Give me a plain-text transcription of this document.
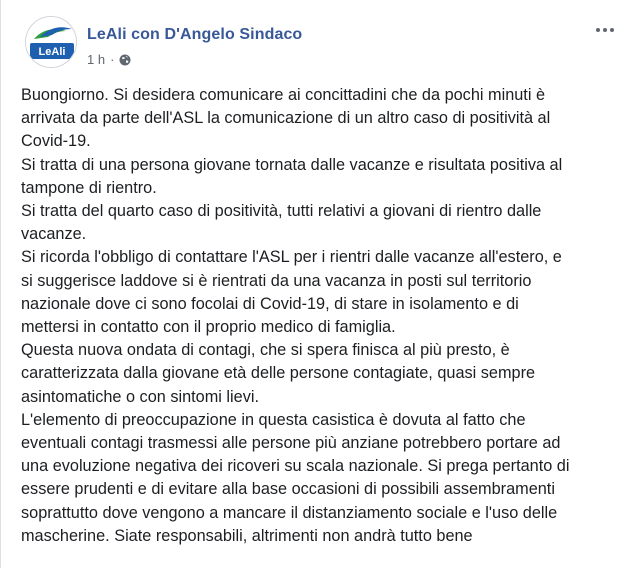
LeAli
LeAli con D'Angelo Sindaco
1 h ·
Buongiorno. Si desidera comunicare ai concittadini che da pochi minuti è
arrivata da parte dell'ASL la comunicazione di un altro caso di positività al
Covid-19.
Si tratta di una persona giovane tornata dalle vacanze e risultata positiva al
tampone di rientro.
Si tratta del quarto caso di positività, tutti relativi a giovani di rientro dalle
vacanze.
Si ricorda l'obbligo di contattare l'ASL per i rientri dalle vacanze all'estero, e
si suggerisce laddove si è rientrati da una vacanza in posti sul territorio
nazionale dove ci sono focolai di Covid-19, di stare in isolamento e di
mettersi in contatto con il proprio medico di famiglia.
Questa nuova ondata di contagi, che si spera finisca al più presto, è
caratterizzata dalla giovane età delle persone contagiate, quasi sempre
asintomatiche o con sintomi lievi.
L'elemento di preoccupazione in questa casistica è dovuta al fatto che
eventuali contagi trasmessi alle persone più anziane potrebbero portare ad
una evoluzione negativa dei ricoveri su scala nazionale. Si prega pertanto di
essere prudenti e di evitare alla base occasioni di possibili assembramenti
soprattutto dove vengono a mancare il distanziamento sociale e l'uso delle
mascherine. Siate responsabili, altrimenti non andrà tutto bene
